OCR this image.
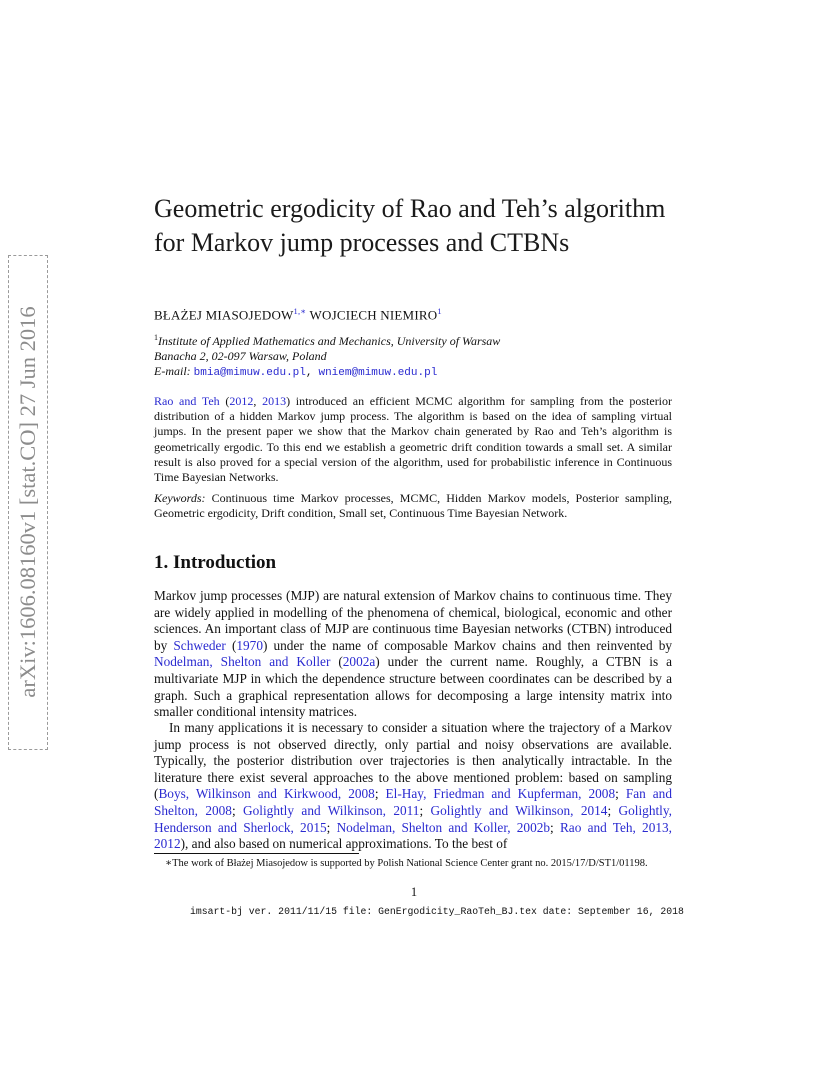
arXiv:1606.08160v1 [stat.CO] 27 Jun 2016
Geometric ergodicity of Rao and Teh’s algorithm for Markov jump processes and CTBNs
BŁAŻEJ $MIASOJEDOW^{1,∗}$ WOJCIECH NIEMIRO$^1$
$^1$Institute of Applied Mathematics and Mechanics, University of Warsaw
Banacha 2, 02-097 Warsaw, Poland
E-mail: bmia@mimuw.edu.pl, wniem@mimuw.edu.pl

Rao and Teh (2012, 2013) introduced an efficient MCMC algorithm for sampling from the posterior distribution of a hidden Markov jump process. The algorithm is based on the idea of sampling virtual jumps. In the present paper we show that the Markov chain generated by Rao and Teh’s algorithm is geometrically ergodic. To this end we establish a geometric drift condition towards a small set. A similar result is also proved for a special version of the algorithm, used for probabilistic inference in Continuous Time Bayesian Networks.

Keywords: Continuous time Markov processes, MCMC, Hidden Markov models, Posterior sampling, Geometric ergodicity, Drift condition, Small set, Continuous Time Bayesian Network.

1. Introduction

Markov jump processes (MJP) are natural extension of Markov chains to continuous time. They are widely applied in modelling of the phenomena of chemical, biological, economic and other sciences. An important class of MJP are continuous time Bayesian networks (CTBN) introduced by Schweder (1970) under the name of composable Markov chains and then reinvented by Nodelman, Shelton and Koller (2002a) under the current name. Roughly, a CTBN is a multivariate MJP in which the dependence structure between coordinates can be described by a graph. Such a graphical representation allows for decomposing a large intensity matrix into smaller conditional intensity matrices.

In many applications it is necessary to consider a situation where the trajectory of a Markov jump process is not observed directly, only partial and noisy observations are available. Typically, the posterior distribution over trajectories is then analytically intractable. In the literature there exist several approaches to the above mentioned problem: based on sampling (Boys, Wilkinson and Kirkwood, 2008; El-Hay, Friedman and Kupferman, 2008; Fan and Shelton, 2008; Golightly and Wilkinson, 2011; Golightly and Wilkinson, 2014; Golightly, Henderson and Sherlock, 2015; Nodelman, Shelton and Koller, 2002b; Rao and Teh, 2013, 2012), and also based on numerical approximations. To the best of

∗The work of Błażej Miasojedow is supported by Polish National Science Center grant no. 2015/17/D/ST1/01198.

1
imsart-bj ver. 2011/11/15 file: GenErgodicity_RaoTeh_BJ.tex date: September 16, 2018
